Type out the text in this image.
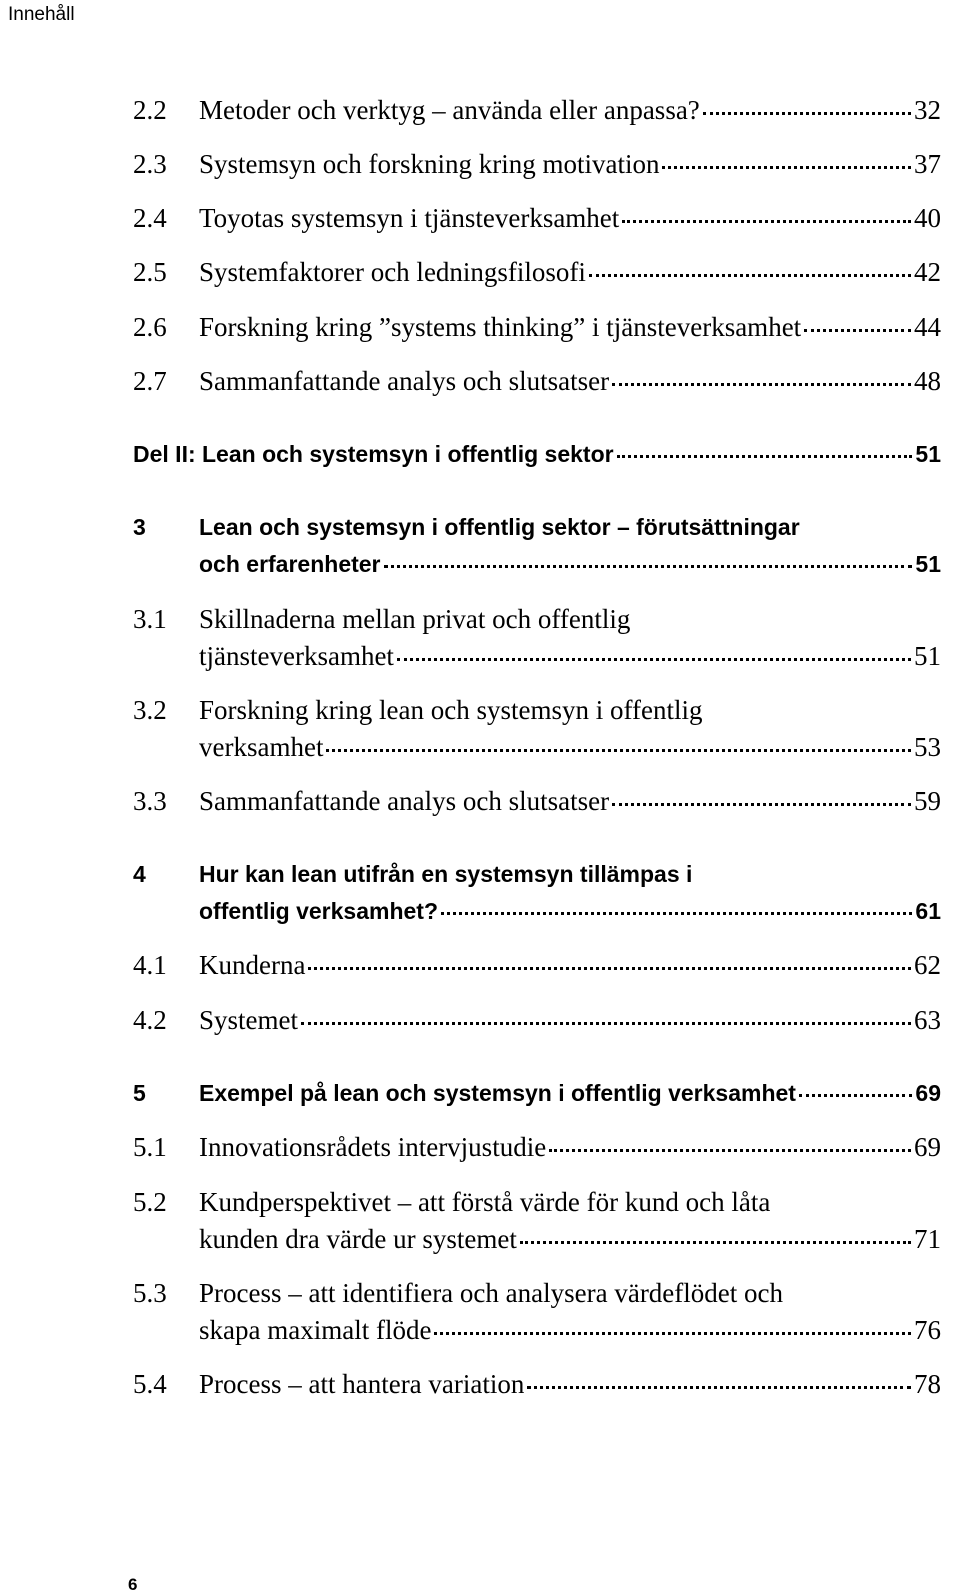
Innehåll
2.2 Metoder och verktyg – använda eller anpassa?	32
2.3 Systemsyn och forskning kring motivation	37
2.4 Toyotas systemsyn i tjänsteverksamhet	40
2.5 Systemfaktorer och ledningsfilosofi	42
2.6 Forskning kring ”systems thinking” i tjänsteverksamhet	44
2.7 Sammanfattande analys och slutsatser	48
Del II: Lean och systemsyn i offentlig sektor	51
3 Lean och systemsyn i offentlig sektor – förutsättningar
och erfarenheter	51
3.1 Skillnaderna mellan privat och offentlig
tjänsteverksamhet	51
3.2 Forskning kring lean och systemsyn i offentlig
verksamhet	53
3.3 Sammanfattande analys och slutsatser	59
4 Hur kan lean utifrån en systemsyn tillämpas i
offentlig verksamhet?	61
4.1 Kunderna	62
4.2 Systemet	63
5 Exempel på lean och systemsyn i offentlig verksamhet	69
5.1 Innovationsrådets intervjustudie	69
5.2 Kundperspektivet – att förstå värde för kund och låta
kunden dra värde ur systemet	71
5.3 Process – att identifiera och analysera värdeflödet och
skapa maximalt flöde	76
5.4 Process – att hantera variation	78
6
